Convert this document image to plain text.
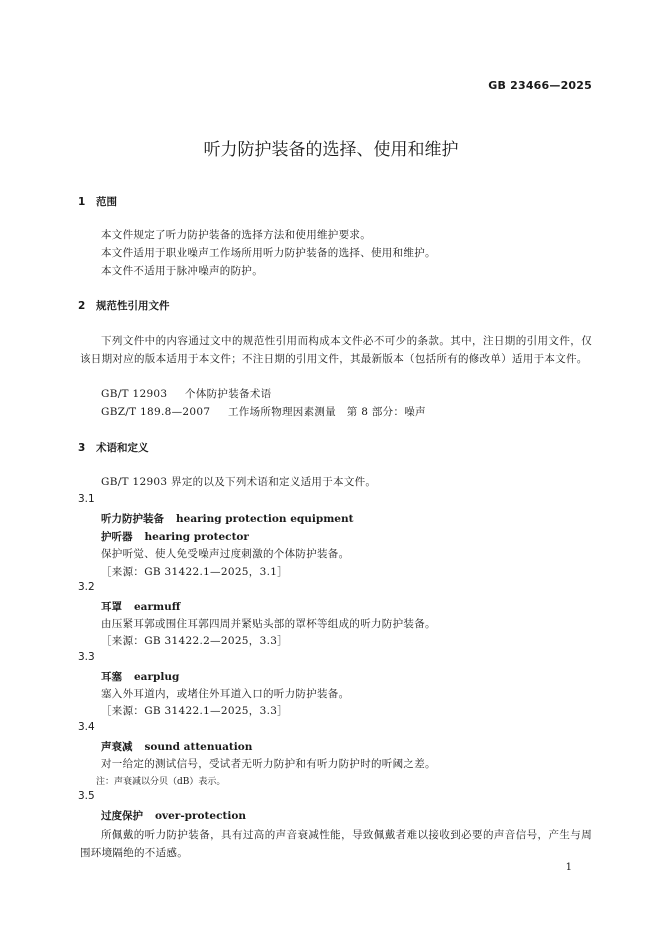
GB 23466—2025
听力防护装备的选择、使用和维护
1 范围
本文件规定了听力防护装备的选择方法和使用维护要求。
本文件适用于职业噪声工作场所用听力防护装备的选择、使用和维护。
本文件不适用于脉冲噪声的防护。
2 规范性引用文件
下列文件中的内容通过文中的规范性引用而构成本文件必不可少的条款。其中，注日期的引用文件，仅该日期对应的版本适用于本文件；不注日期的引用文件，其最新版本（包括所有的修改单）适用于本文件。
GB/T 12903 个体防护装备术语
GBZ/T 189.8—2007 工作场所物理因素测量　第 8 部分：噪声
3 术语和定义
GB/T 12903 界定的以及下列术语和定义适用于本文件。
3.1
听力防护装备 hearing protection equipment
护听器 hearing protector
保护听觉、使人免受噪声过度刺激的个体防护装备。
［来源：GB 31422.1—2025，3.1］
3.2
耳罩 earmuff
由压紧耳郭或围住耳郭四周并紧贴头部的罩杯等组成的听力防护装备。
［来源：GB 31422.2—2025，3.3］
3.3
耳塞 earplug
塞入外耳道内，或堵住外耳道入口的听力防护装备。
［来源：GB 31422.1—2025，3.3］
3.4
声衰减 sound attenuation
对一给定的测试信号，受试者无听力防护和有听力防护时的听阈之差。
注：声衰减以分贝（dB）表示。
3.5
过度保护 over-protection
所佩戴的听力防护装备，具有过高的声音衰减性能，导致佩戴者难以接收到必要的声音信号，产生与周围环境隔绝的不适感。
1
